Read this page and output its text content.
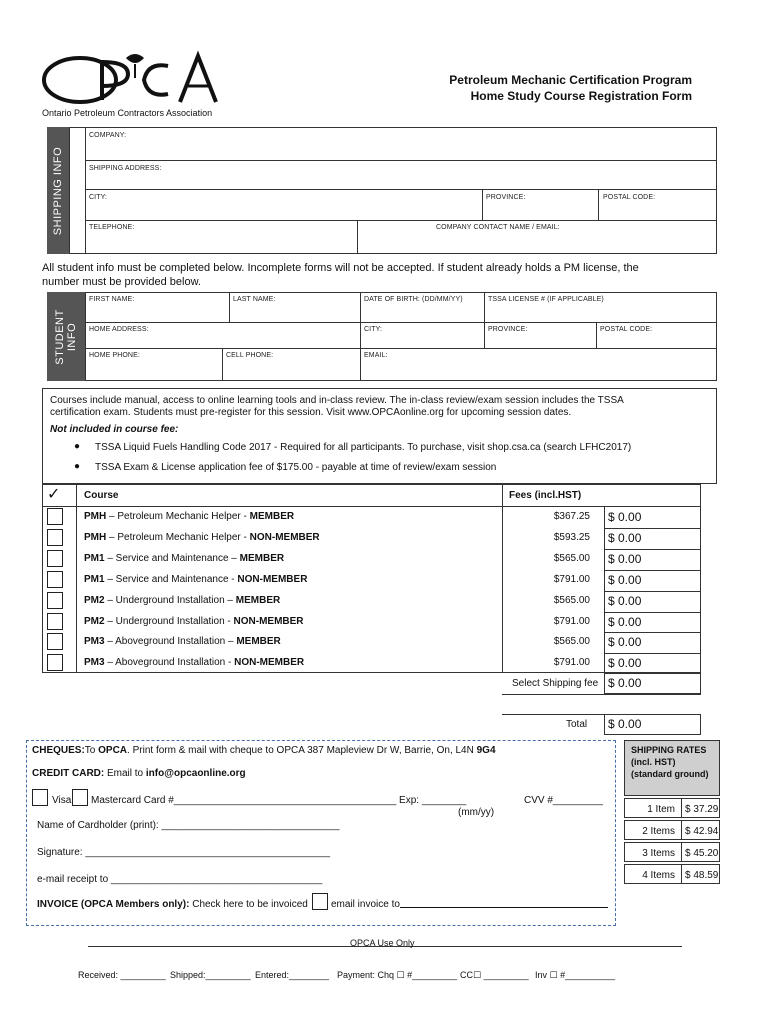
Ontario Petroleum Contractors Association
Petroleum Mechanic Certification Program
Home Study Course Registration Form
SHIPPING INFO
COMPANY:
SHIPPING ADDRESS:
CITY:	PROVINCE:	POSTAL CODE:
TELEPHONE:	COMPANY CONTACT NAME / EMAIL:
All student info must be completed below. Incomplete forms will not be accepted. If student already holds a PM license, the
number must be provided below.
STUDENT INFO
FIRST NAME:	LAST NAME:	DATE OF BIRTH: (DD/MM/YY)	TSSA LICENSE # (IF APPLICABLE)
HOME ADDRESS:	CITY:	PROVINCE:	POSTAL CODE:
HOME PHONE:	CELL PHONE:	EMAIL:
Courses include manual, access to online learning tools and in-class review. The in-class review/exam session includes the TSSA
certification exam. Students must pre-register for this session. Visit www.OPCAonline.org for upcoming session dates.
Not included in course fee:
● TSSA Liquid Fuels Handling Code 2017 - Required for all participants. To purchase, visit shop.csa.ca (search LFHC2017)
● TSSA Exam & License application fee of $175.00 - payable at time of review/exam session
✓ Course	Fees (incl.HST)
PMH – Petroleum Mechanic Helper - MEMBER	$367.25 $ 0.00
PMH – Petroleum Mechanic Helper - NON-MEMBER	$593.25 $ 0.00
PM1 – Service and Maintenance – MEMBER	$565.00 $ 0.00
PM1 – Service and Maintenance - NON-MEMBER	$791.00 $ 0.00
PM2 – Underground Installation – MEMBER	$565.00 $ 0.00
PM2 – Underground Installation - NON-MEMBER	$791.00 $ 0.00
PM3 – Aboveground Installation – MEMBER	$565.00 $ 0.00
PM3 – Aboveground Installation - NON-MEMBER	$791.00 $ 0.00
Select Shipping fee $ 0.00
Total $ 0.00
CHEQUES:To OPCA. Print form & mail with cheque to OPCA 387 Mapleview Dr W, Barrie, On, L4N 9G4
CREDIT CARD: Email to info@opcaonline.org
Visa Mastercard Card #________________________________________ Exp: ________	CVV #_________
(mm/yy)
Name of Cardholder (print): ________________________________
Signature: ____________________________________________
e-mail receipt to ______________________________________
INVOICE (OPCA Members only): Check here to be invoiced email invoice to
SHIPPING RATES (incl. HST) (standard ground)
1 Item $ 37.29
2 Items $ 42.94
3 Items $ 45.20
4 Items $ 48.59
OPCA Use Only
Received: _________ Shipped:_________ Entered:________ Payment: Chq ☐ #_________ CC☐ _________ Inv ☐ #__________
